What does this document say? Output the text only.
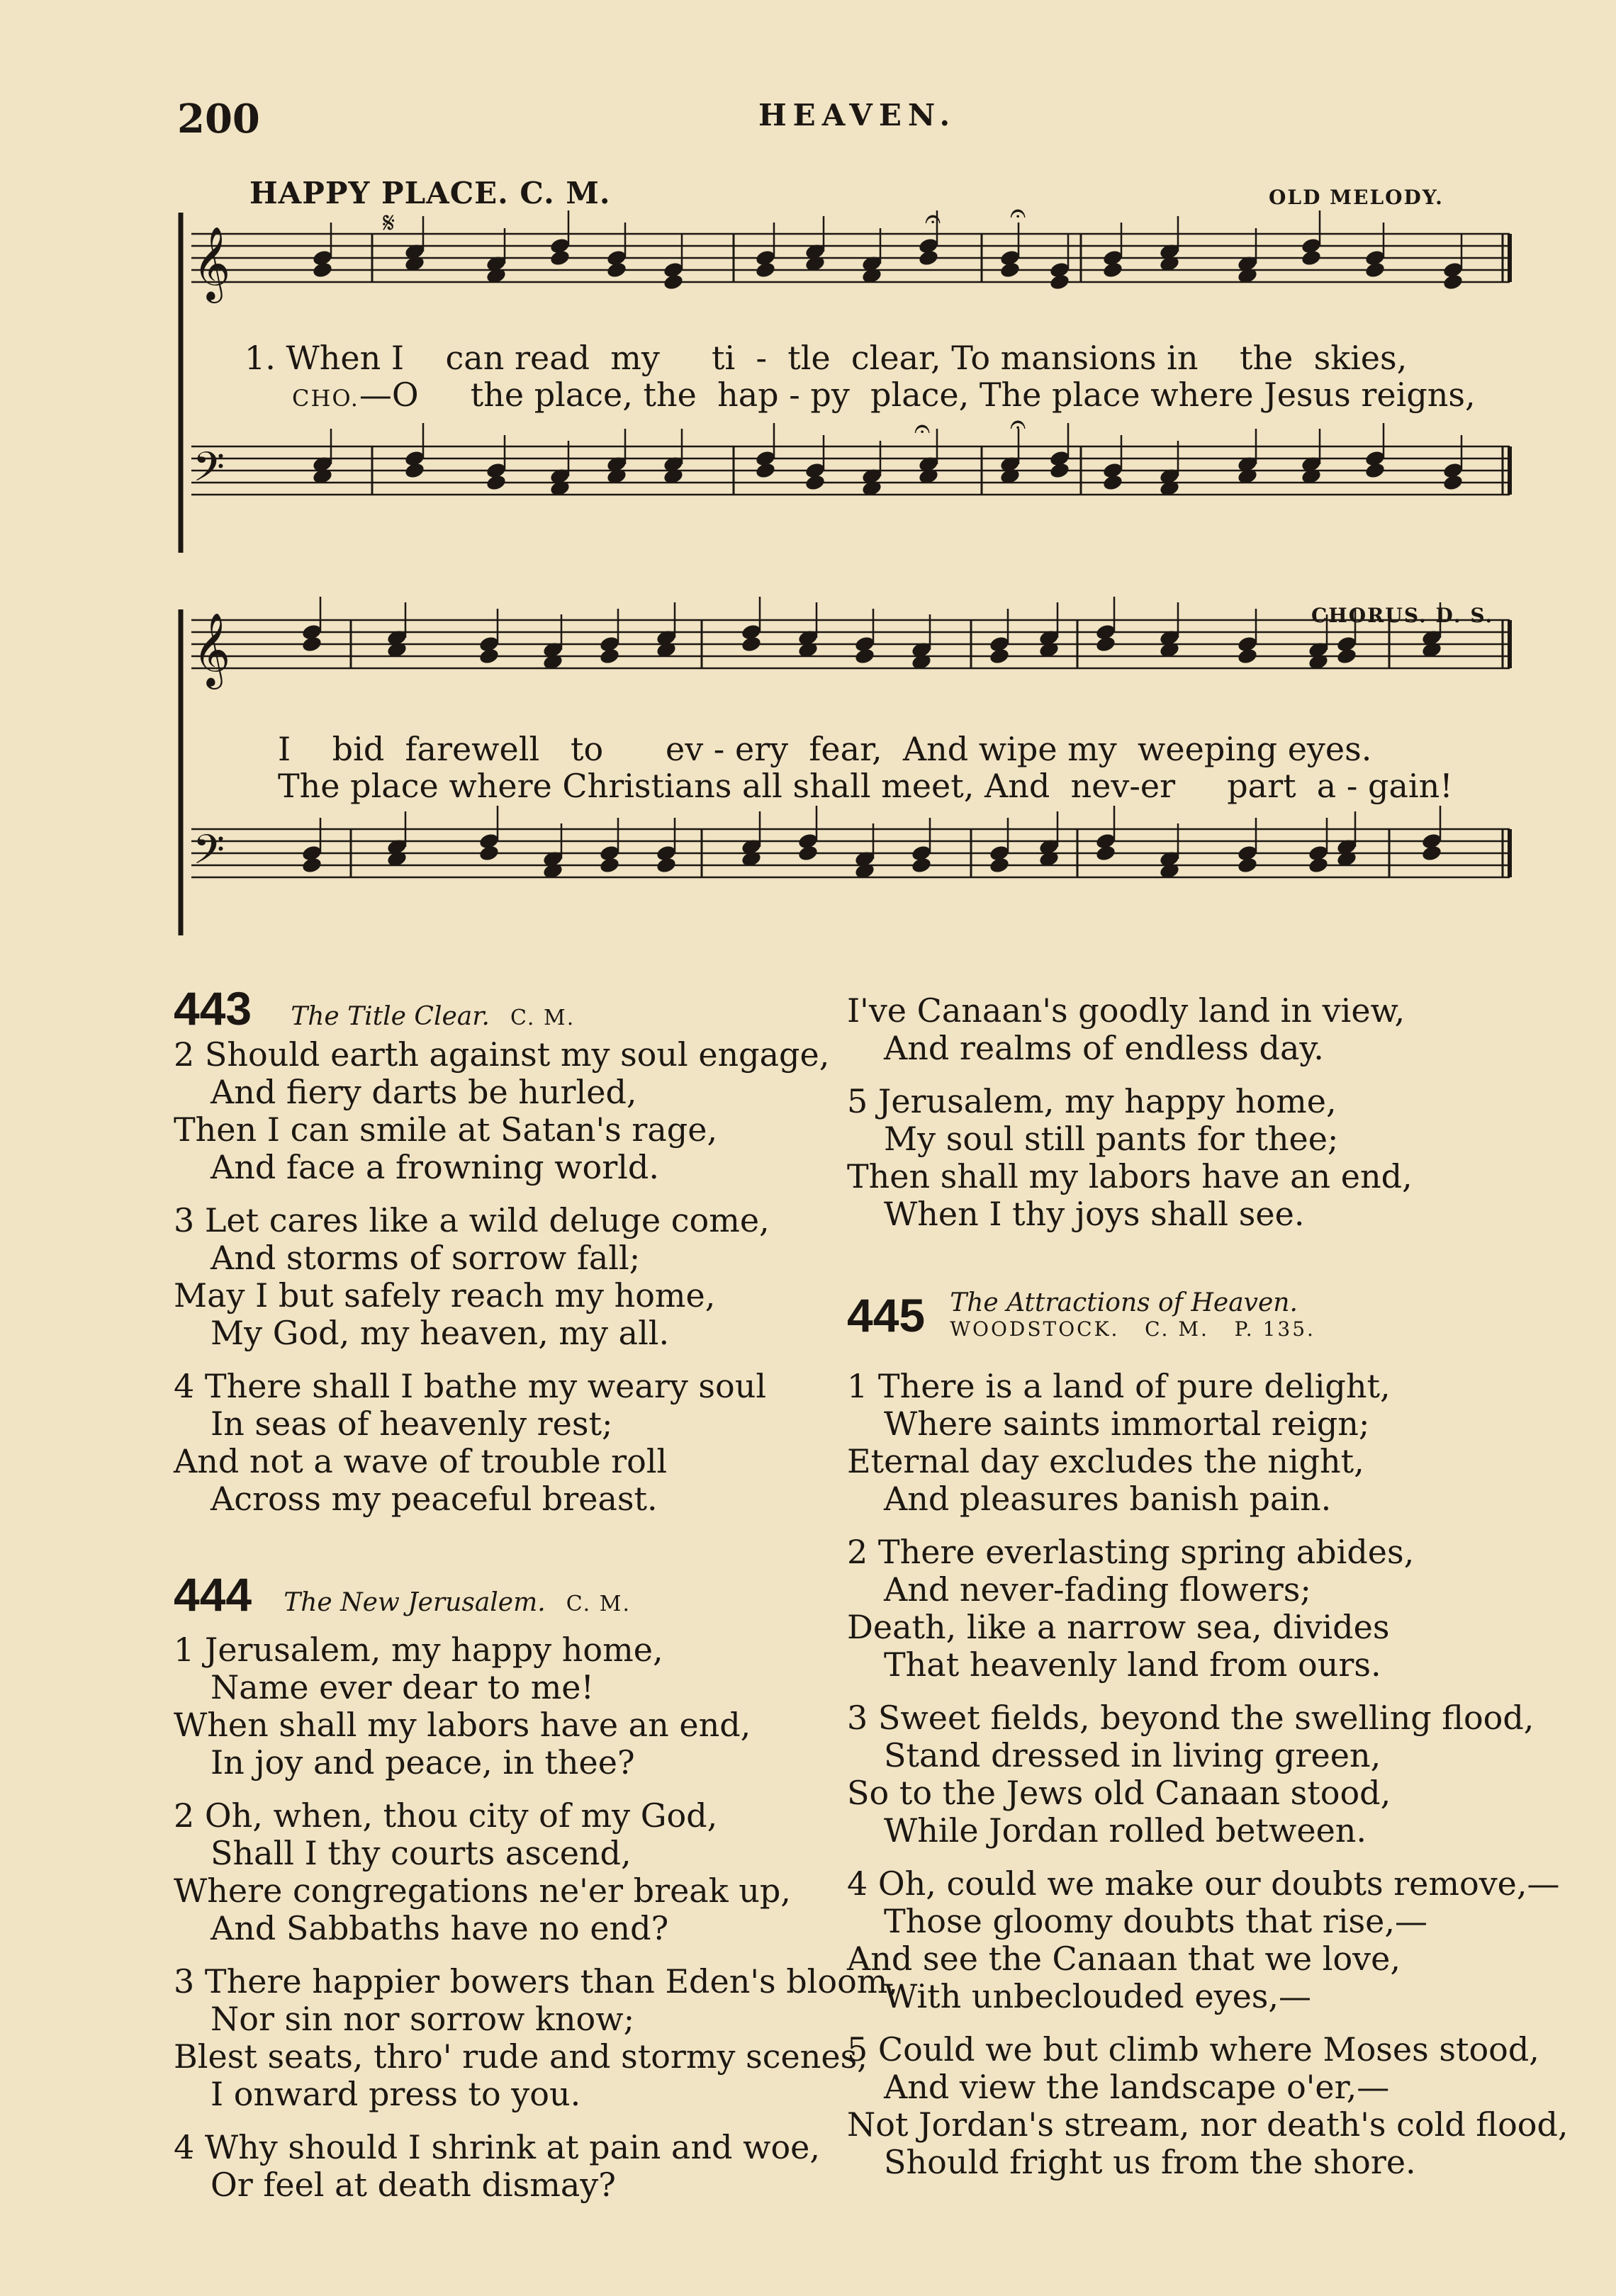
200	HEAVEN.
HAPPY PLACE. C. M.	OLD MELODY.
CHORUS. D. S.
𝄞
𝄞
𝄢
𝄢
𝄐 𝄐
𝄐	𝄐
𝄋
1. When I    can read  my     ti  -  tle  clear, To mansions in    the  skies,
CHO.—O     the place, the  hap - py  place, The place where Jesus reigns,
I    bid  farewell   to      ev - ery  fear,  And wipe my  weeping eyes.
The place where Christians all shall meet, And  nev-er     part  a - gain!
443 The Title Clear. C. M.
2 Should earth against my soul engage,
And fiery darts be hurled,
Then I can smile at Satan's rage,
And face a frowning world.
3 Let cares like a wild deluge come,
And storms of sorrow fall;
May I but safely reach my home,
My God, my heaven, my all.
4 There shall I bathe my weary soul
In seas of heavenly rest;
And not a wave of trouble roll
Across my peaceful breast.
444 The New Jerusalem. C. M.
1 Jerusalem, my happy home,
Name ever dear to me!
When shall my labors have an end,
In joy and peace, in thee?
2 Oh, when, thou city of my God,
Shall I thy courts ascend,
Where congregations ne'er break up,
And Sabbaths have no end?
3 There happier bowers than Eden's bloom,
Nor sin nor sorrow know;
Blest seats, thro' rude and stormy scenes,
I onward press to you.
4 Why should I shrink at pain and woe,
Or feel at death dismay?
I've Canaan's goodly land in view,
And realms of endless day.
5 Jerusalem, my happy home,
My soul still pants for thee;
Then shall my labors have an end,
When I thy joys shall see.
445 The Attractions of Heaven.
WOODSTOCK.   C. M.   P. 135.
1 There is a land of pure delight,
Where saints immortal reign;
Eternal day excludes the night,
And pleasures banish pain.
2 There everlasting spring abides,
And never-fading flowers;
Death, like a narrow sea, divides
That heavenly land from ours.
3 Sweet fields, beyond the swelling flood,
Stand dressed in living green,
So to the Jews old Canaan stood,
While Jordan rolled between.
4 Oh, could we make our doubts remove,—
Those gloomy doubts that rise,—
And see the Canaan that we love,
With unbeclouded eyes,—
5 Could we but climb where Moses stood,
And view the landscape o'er,—
Not Jordan's stream, nor death's cold flood,
Should fright us from the shore.
